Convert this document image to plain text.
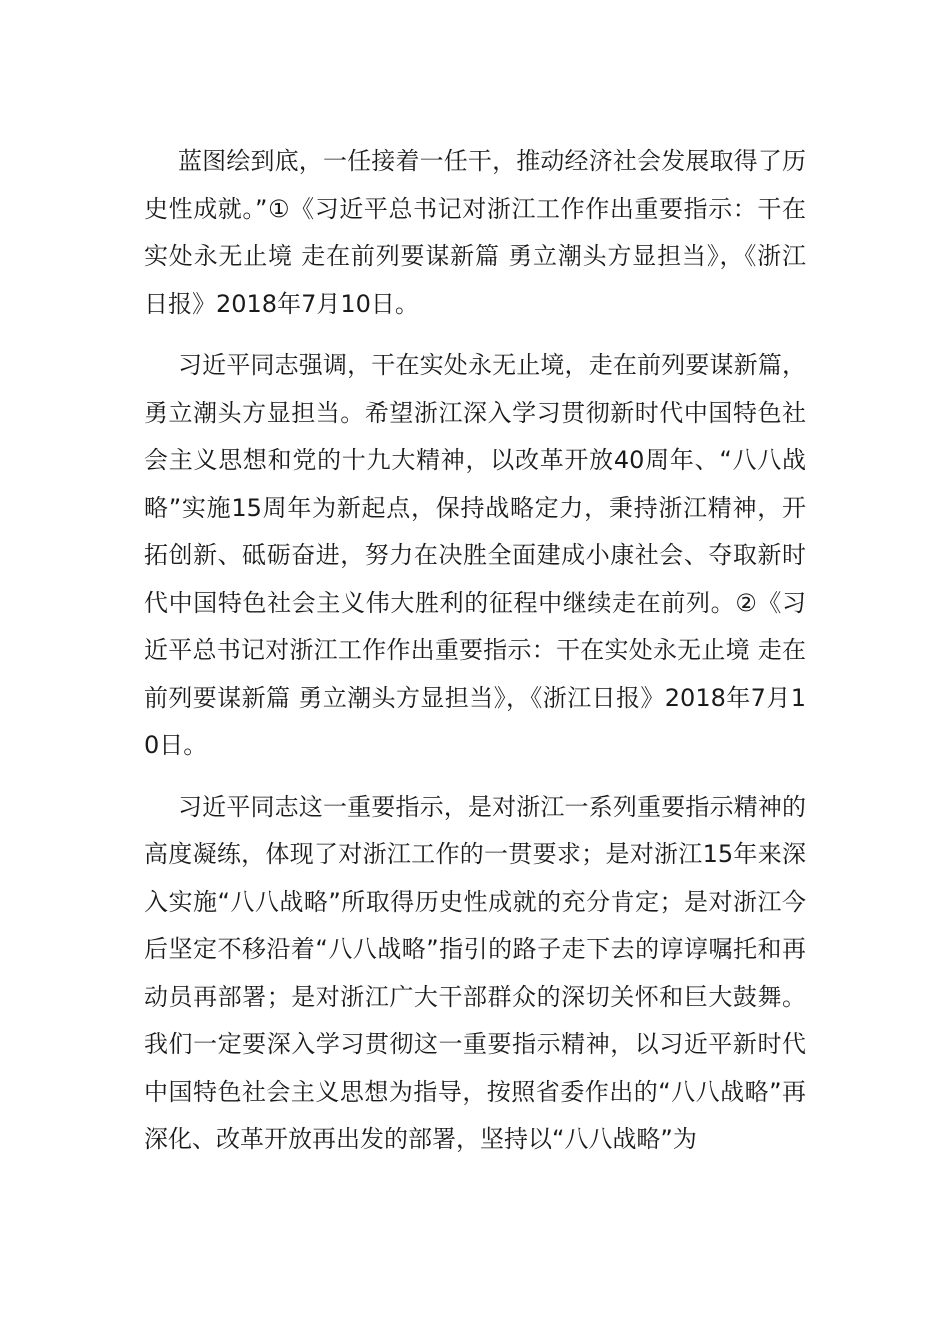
蓝图绘到底，一任接着一任干，推动经济社会发展取得了历史性成就。”①《习近平总书记对浙江工作作出重要指示：干在实处永无止境 走在前列要谋新篇 勇立潮头方显担当》，《浙江日报》2018年7月10日。

习近平同志强调，干在实处永无止境，走在前列要谋新篇，勇立潮头方显担当。希望浙江深入学习贯彻新时代中国特色社会主义思想和党的十九大精神，以改革开放40周年、“八八战略”实施15周年为新起点，保持战略定力，秉持浙江精神，开拓创新、砥砺奋进，努力在决胜全面建成小康社会、夺取新时代中国特色社会主义伟大胜利的征程中继续走在前列。②《习近平总书记对浙江工作作出重要指示：干在实处永无止境 走在前列要谋新篇 勇立潮头方显担当》，《浙江日报》2018年7月10日。

习近平同志这一重要指示，是对浙江一系列重要指示精神的高度凝练，体现了对浙江工作的一贯要求；是对浙江15年来深入实施“八八战略”所取得历史性成就的充分肯定；是对浙江今后坚定不移沿着“八八战略”指引的路子走下去的谆谆嘱托和再动员再部署；是对浙江广大干部群众的深切关怀和巨大鼓舞。我们一定要深入学习贯彻这一重要指示精神，以习近平新时代中国特色社会主义思想为指导，按照省委作出的“八八战略”再深化、改革开放再出发的部署，坚持以“八八战略”为
